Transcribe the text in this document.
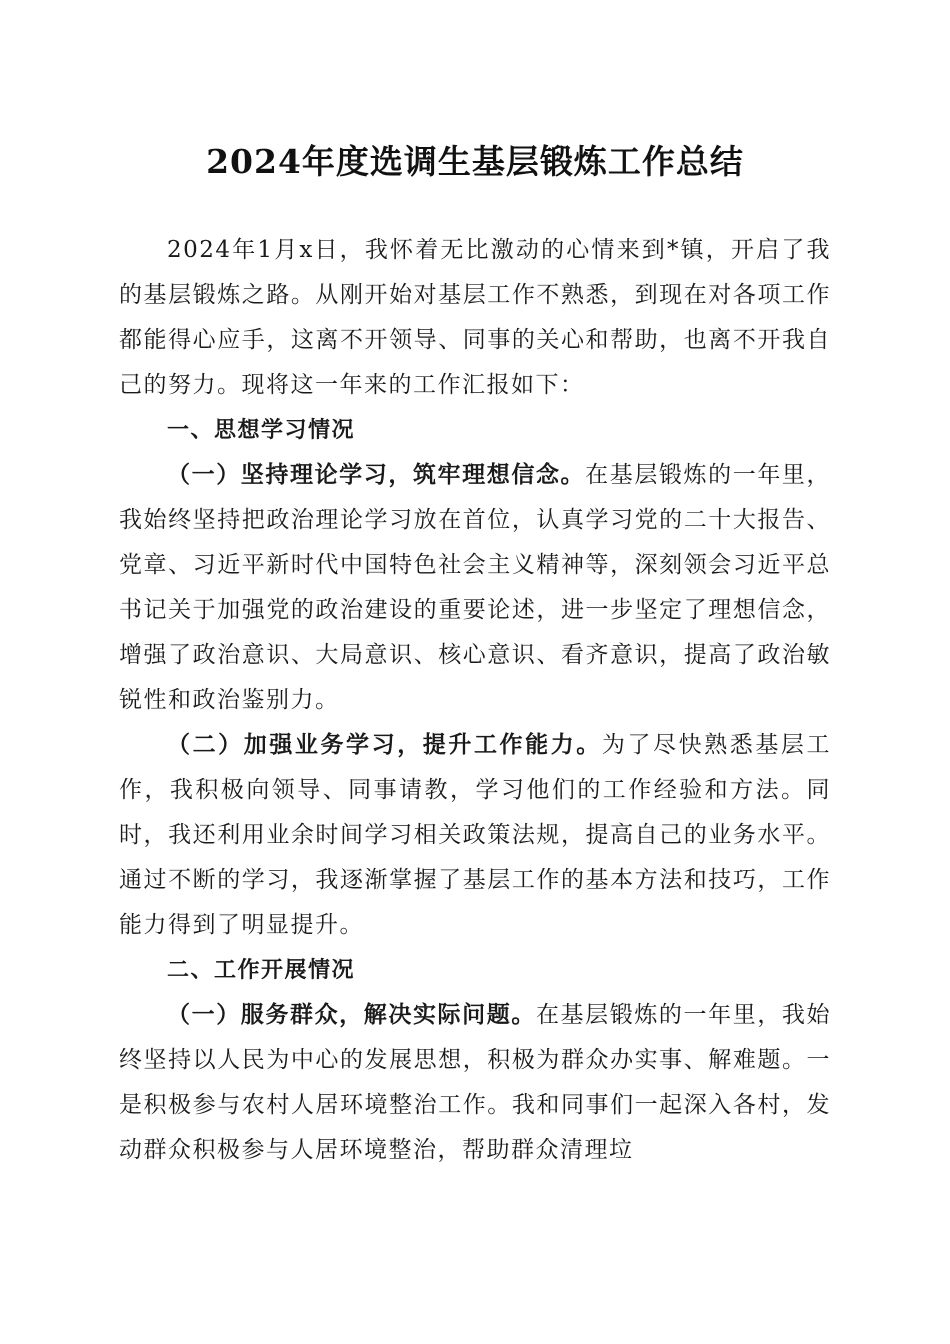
2024年度选调生基层锻炼工作总结

2024年1月x日，我怀着无比激动的心情来到*镇，开启了我的基层锻炼之路。从刚开始对基层工作不熟悉，到现在对各项工作都能得心应手，这离不开领导、同事的关心和帮助，也离不开我自己的努力。现将这一年来的工作汇报如下：

一、思想学习情况

（一）坚持理论学习，筑牢理想信念。在基层锻炼的一年里，我始终坚持把政治理论学习放在首位，认真学习党的二十大报告、党章、习近平新时代中国特色社会主义精神等，深刻领会习近平总书记关于加强党的政治建设的重要论述，进一步坚定了理想信念，增强了政治意识、大局意识、核心意识、看齐意识，提高了政治敏锐性和政治鉴别力。

（二）加强业务学习，提升工作能力。为了尽快熟悉基层工作，我积极向领导、同事请教，学习他们的工作经验和方法。同时，我还利用业余时间学习相关政策法规，提高自己的业务水平。通过不断的学习，我逐渐掌握了基层工作的基本方法和技巧，工作能力得到了明显提升。

二、工作开展情况

（一）服务群众，解决实际问题。在基层锻炼的一年里，我始终坚持以人民为中心的发展思想，积极为群众办实事、解难题。一是积极参与农村人居环境整治工作。我和同事们一起深入各村，发动群众积极参与人居环境整治，帮助群众清理垃
